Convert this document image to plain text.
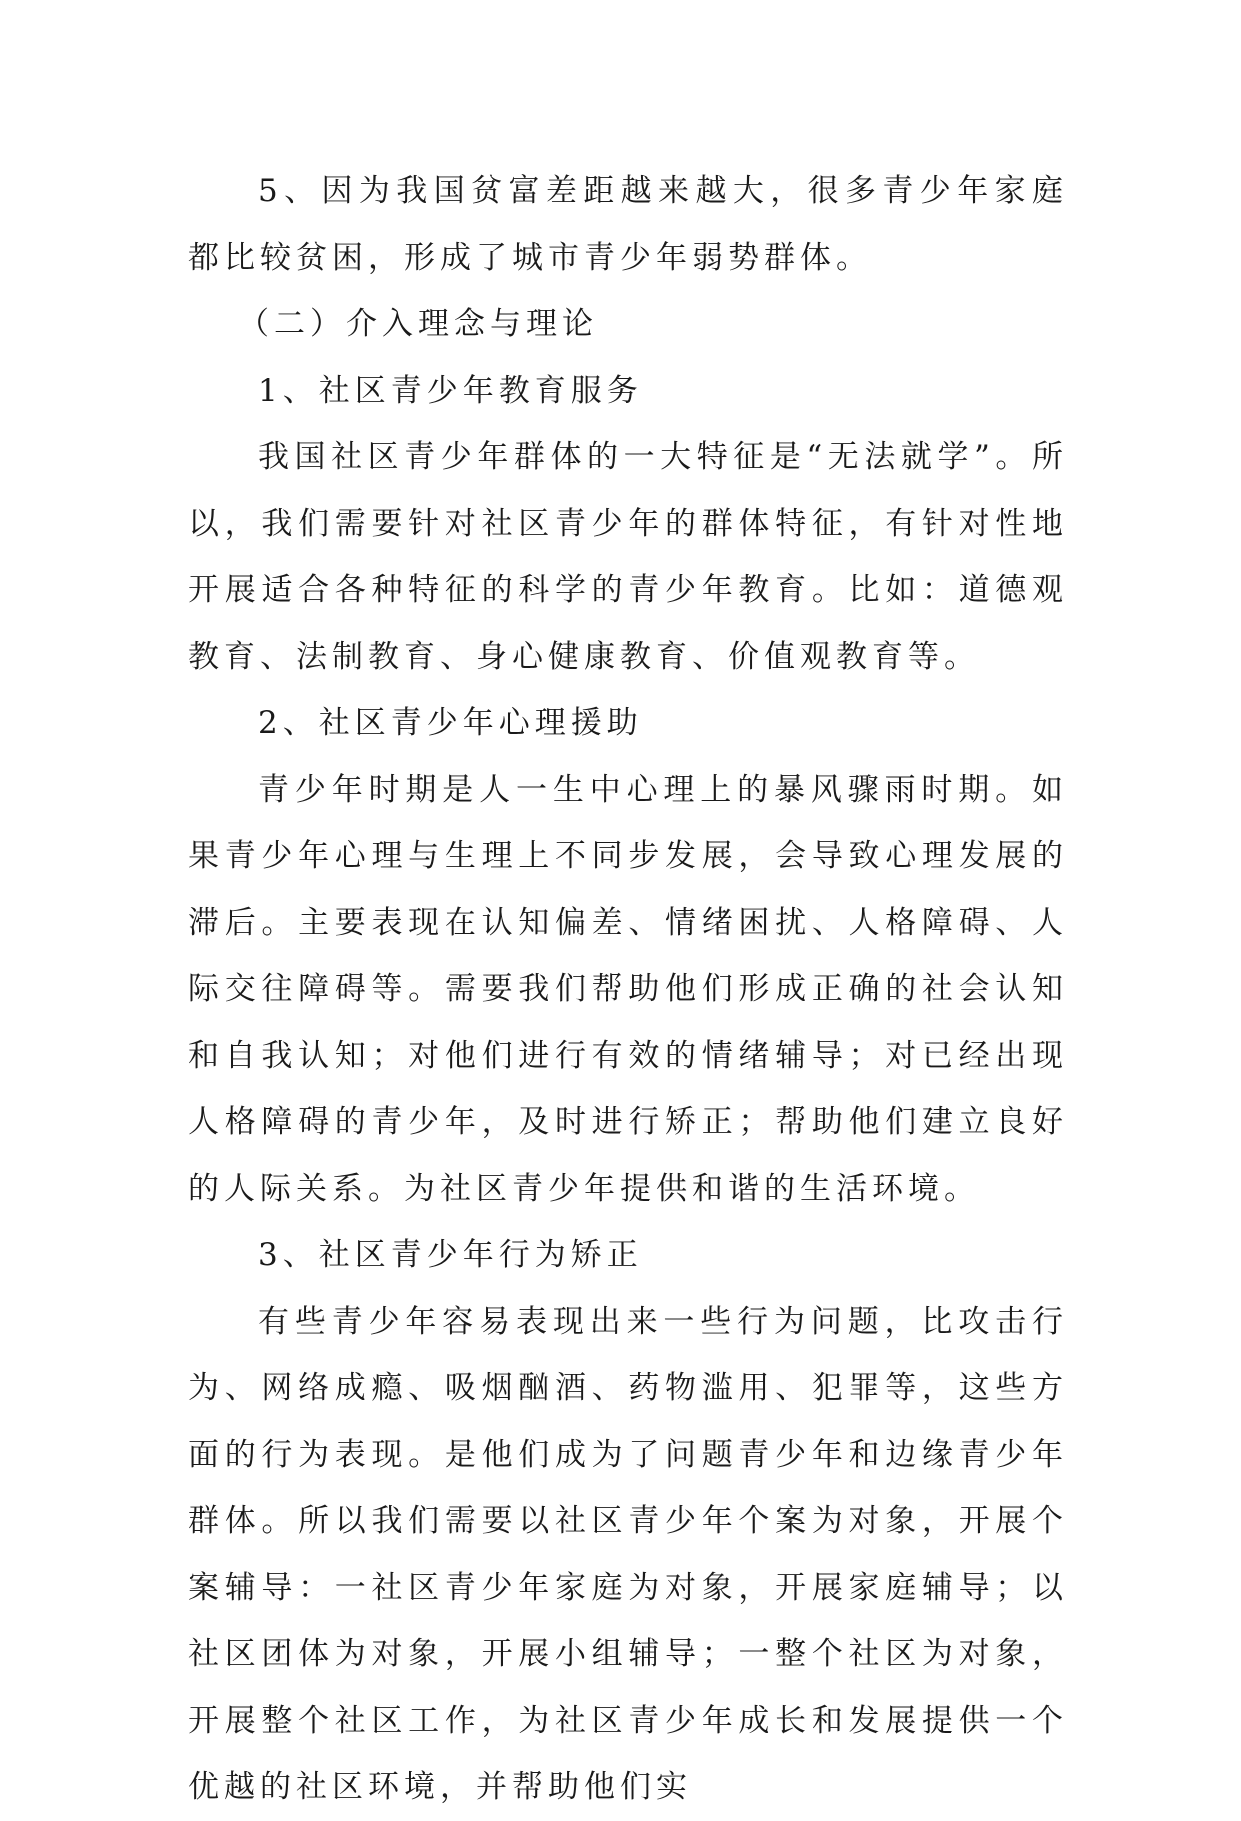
5、因为我国贫富差距越来越大，很多青少年家庭都比较贫困，形成了城市青少年弱势群体。

（二）介入理念与理论

1、社区青少年教育服务

我国社区青少年群体的一大特征是“无法就学”。所以，我们需要针对社区青少年的群体特征，有针对性地开展适合各种特征的科学的青少年教育。比如：道德观教育、法制教育、身心健康教育、价值观教育等。

2、社区青少年心理援助

青少年时期是人一生中心理上的暴风骤雨时期。如果青少年心理与生理上不同步发展，会导致心理发展的滞后。主要表现在认知偏差、情绪困扰、人格障碍、人际交往障碍等。需要我们帮助他们形成正确的社会认知和自我认知；对他们进行有效的情绪辅导；对已经出现人格障碍的青少年，及时进行矫正；帮助他们建立良好的人际关系。为社区青少年提供和谐的生活环境。

3、社区青少年行为矫正

有些青少年容易表现出来一些行为问题，比攻击行为、网络成瘾、吸烟酗酒、药物滥用、犯罪等，这些方面的行为表现。是他们成为了问题青少年和边缘青少年群体。所以我们需要以社区青少年个案为对象，开展个案辅导：一社区青少年家庭为对象，开展家庭辅导；以社区团体为对象，开展小组辅导；一整个社区为对象，开展整个社区工作，为社区青少年成长和发展提供一个优越的社区环境，并帮助他们实
